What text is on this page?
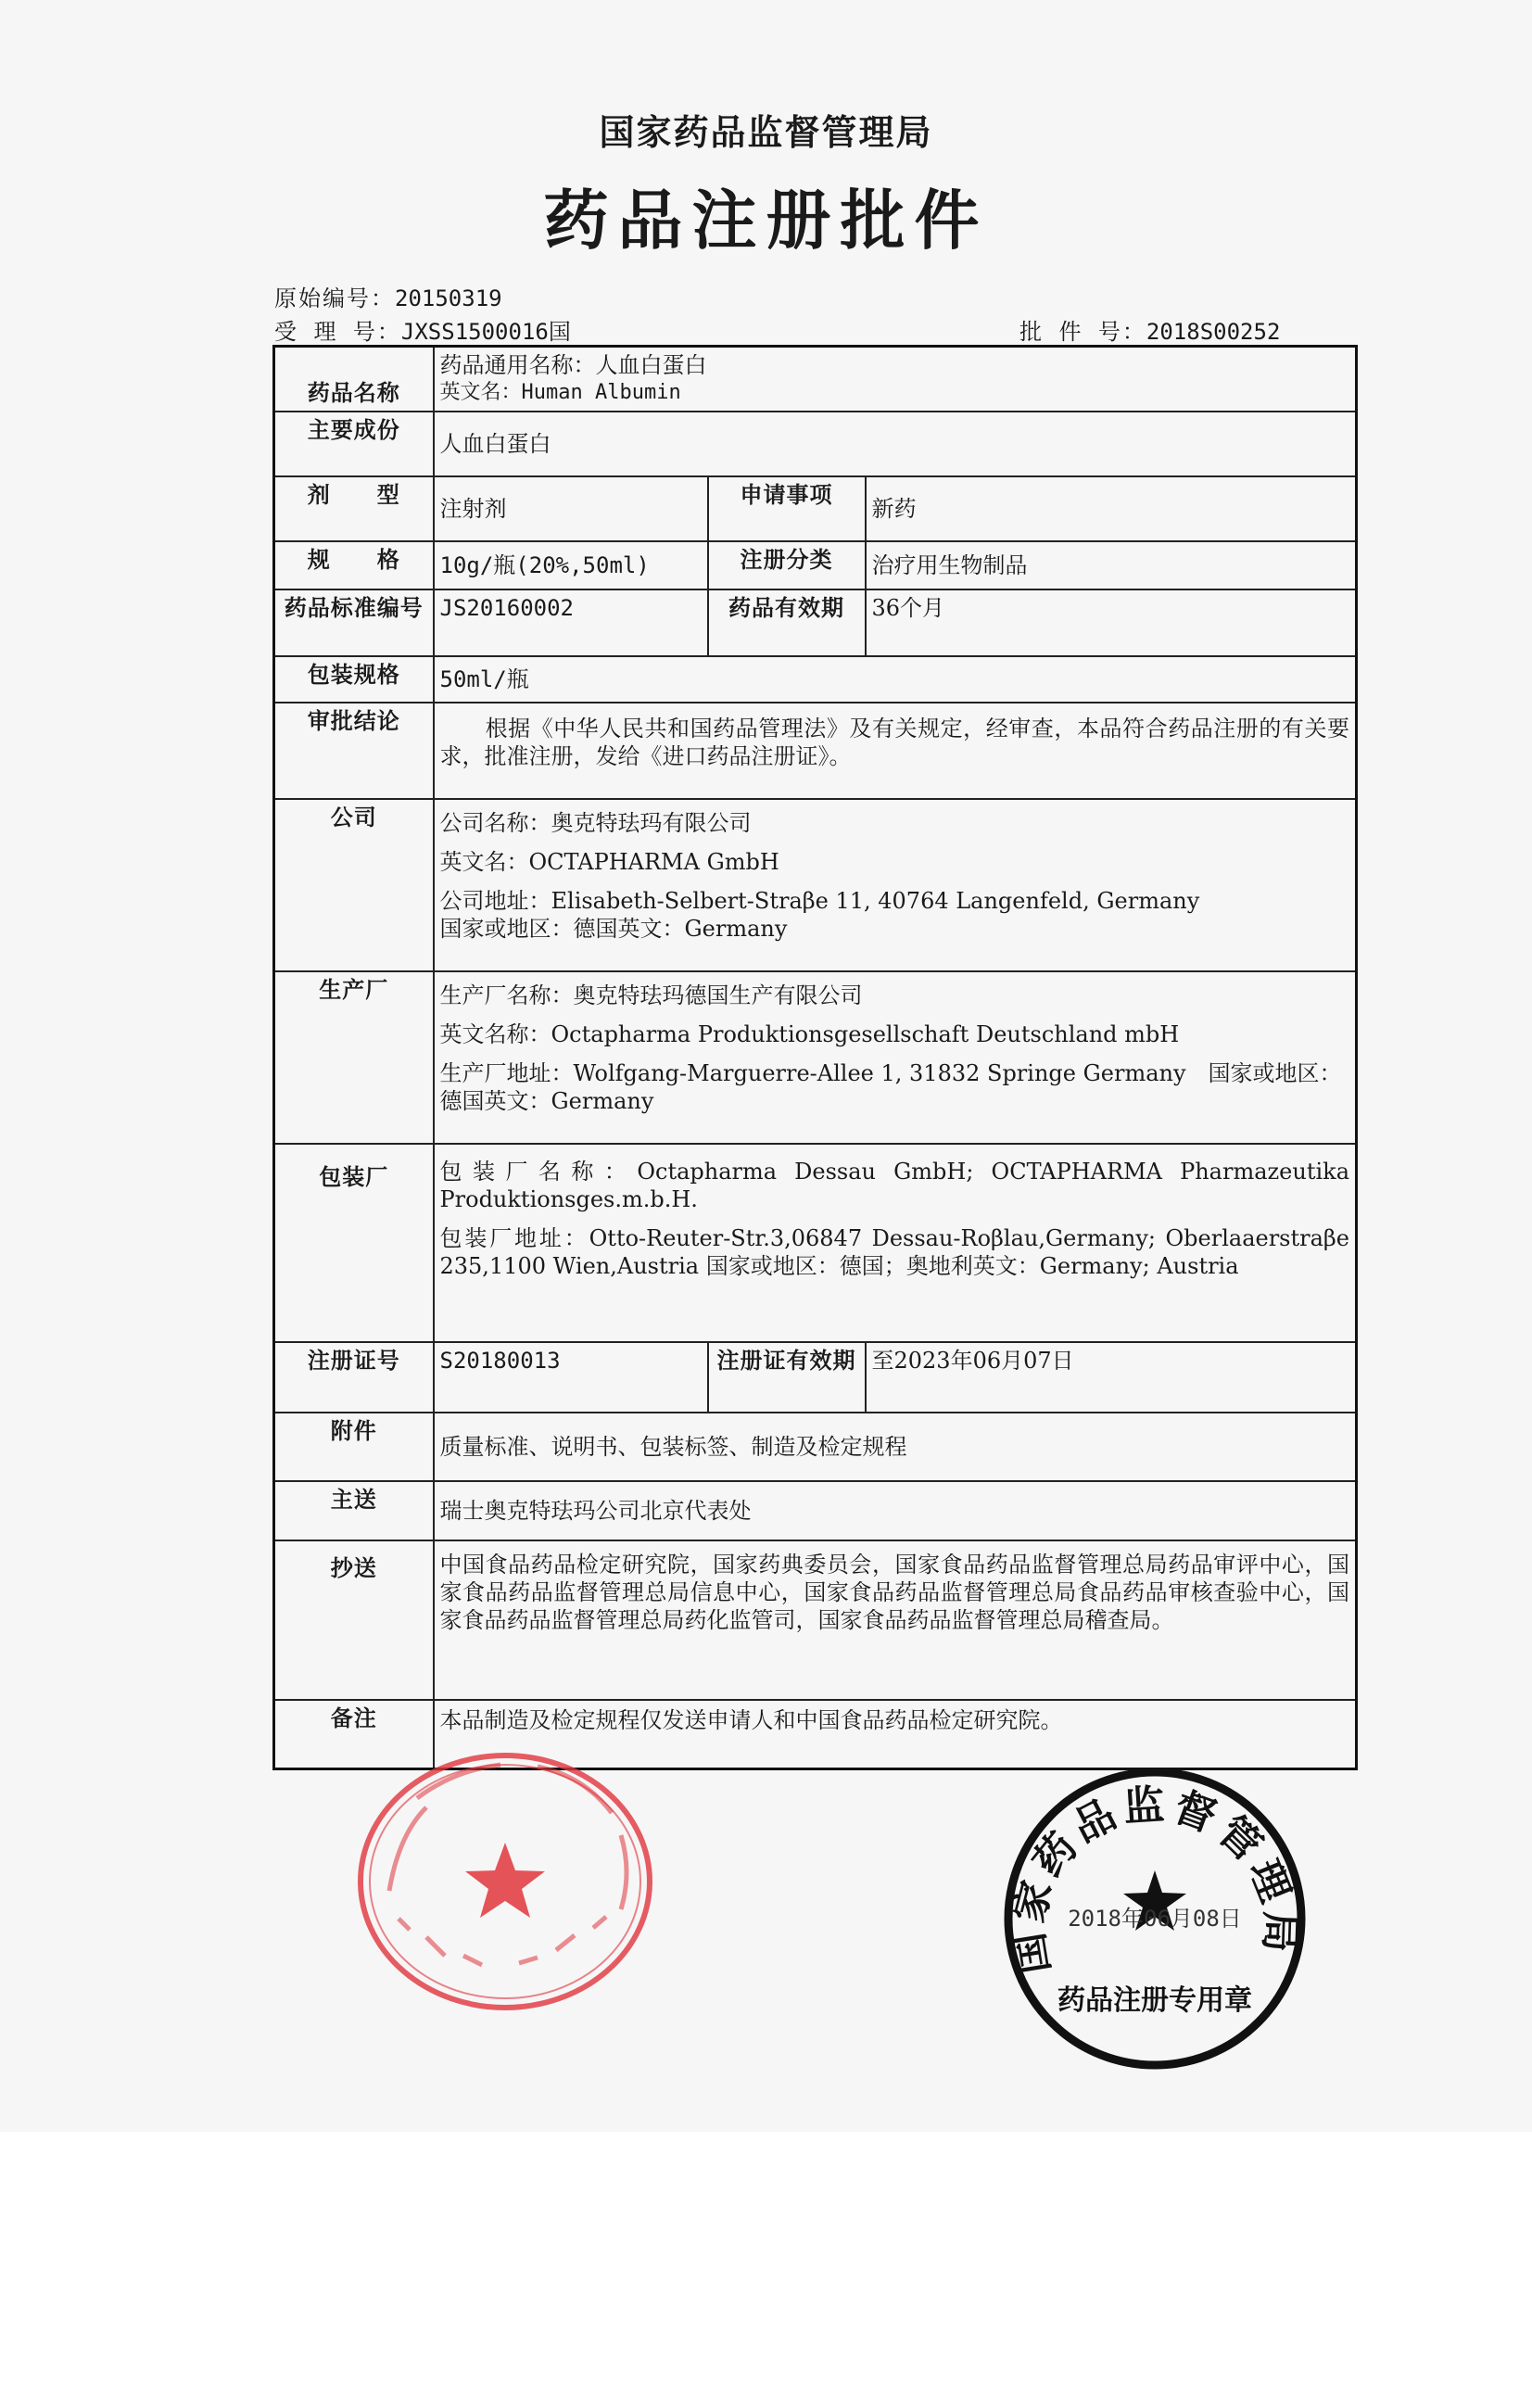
国家药品监督管理局
药品注册批件
原始编号：20150319
受 理 号：JXSS1500016国	批 件 号：2018S00252
药品名称	药品通用名称：人血白蛋白
英文名：Human Albumin		

主要成份	人血白蛋白		
剂　　型	注射剂	申请事项	新药
规　　格	10g/瓶(20%,50ml)	注册分类	治疗用生物制品
药品标准编号	JS20160002	药品有效期	36个月
包装规格	50ml/瓶		
审批结论	　　根据《中华人民共和国药品管理法》及有关规定，经审查，本品符合药品注册的有关要求，批准注册，发给《进口药品注册证》。		
公司	公司名称：奥克特珐玛有限公司
英文名：OCTAPHARMA GmbH
公司地址：Elisabeth-Selbert-Straβe 11, 40764 Langenfeld, Germany
国家或地区：德国英文：Germany		

生产厂	生产厂名称：奥克特珐玛德国生产有限公司
英文名称：Octapharma Produktionsgesellschaft Deutschland mbH
生产厂地址：Wolfgang-Marguerre-Allee 1, 31832 Springe Germany　国家或地区：德国英文：Germany		

包装厂	包装厂名称：Octapharma Dessau GmbH; OCTAPHARMA Pharmazeutika Produktionsges.m.b.H.
包装厂地址：Otto-Reuter-Str.3,06847 Dessau-Roβlau,Germany; Oberlaaerstraβe 235,1100 Wien,Austria 国家或地区：德国；奥地利英文：Germany; Austria		

注册证号	S20180013	注册证有效期	至2023年06月07日
附件	质量标准、说明书、包装标签、制造及检定规程		
主送	瑞士奥克特珐玛公司北京代表处		
抄送	中国食品药品检定研究院，国家药典委员会，国家食品药品监督管理总局药品审评中心，国家食品药品监督管理总局信息中心，国家食品药品监督管理总局食品药品审核查验中心，国家食品药品监督管理总局药化监管司，国家食品药品监督管理总局稽查局。		
备注	本品制造及检定规程仅发送申请人和中国食品药品检定研究院。		
国家药品监督管理局
2018年06月08日
药品注册专用章
